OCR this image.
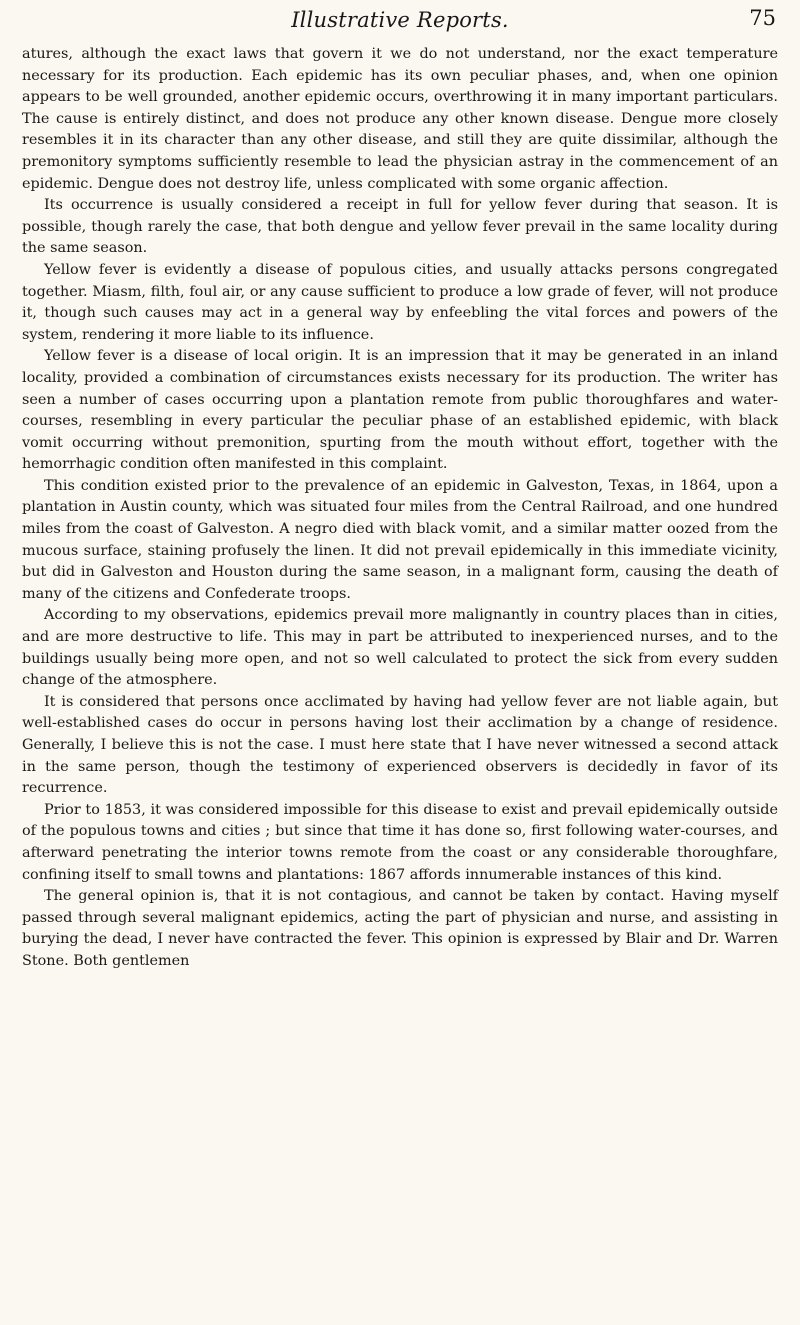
Illustrative Reports.	75

atures, although the exact laws that govern it we do not understand, nor the exact temperature necessary for its production. Each epidemic has its own peculiar phases, and, when one opinion appears to be well grounded, another epidemic occurs, overthrowing it in many important particulars. The cause is entirely distinct, and does not produce any other known disease. Dengue more closely resembles it in its character than any other disease, and still they are quite dissimilar, although the premonitory symptoms sufficiently resemble to lead the physician astray in the commencement of an epidemic. Dengue does not destroy life, unless complicated with some organic affection.

Its occurrence is usually considered a receipt in full for yellow fever during that season. It is possible, though rarely the case, that both dengue and yellow fever prevail in the same locality during the same season.

Yellow fever is evidently a disease of populous cities, and usually attacks persons congregated together. Miasm, filth, foul air, or any cause sufficient to produce a low grade of fever, will not produce it, though such causes may act in a general way by enfeebling the vital forces and powers of the system, rendering it more liable to its influence.

Yellow fever is a disease of local origin. It is an impression that it may be generated in an inland locality, provided a combination of circumstances exists necessary for its production. The writer has seen a number of cases occurring upon a plantation remote from public thoroughfares and water-courses, resembling in every particular the peculiar phase of an established epidemic, with black vomit occurring without premonition, spurting from the mouth without effort, together with the hemorrhagic condition often manifested in this complaint.

This condition existed prior to the prevalence of an epidemic in Galveston, Texas, in 1864, upon a plantation in Austin county, which was situated four miles from the Central Railroad, and one hundred miles from the coast of Galveston. A negro died with black vomit, and a similar matter oozed from the mucous surface, staining profusely the linen. It did not prevail epidemically in this immediate vicinity, but did in Galveston and Houston during the same season, in a malignant form, causing the death of many of the citizens and Confederate troops.

According to my observations, epidemics prevail more malignantly in country places than in cities, and are more destructive to life. This may in part be attributed to inexperienced nurses, and to the buildings usually being more open, and not so well calculated to protect the sick from every sudden change of the atmosphere.

It is considered that persons once acclimated by having had yellow fever are not liable again, but well-established cases do occur in persons having lost their acclimation by a change of residence. Generally, I believe this is not the case. I must here state that I have never witnessed a second attack in the same person, though the testimony of experienced observers is decidedly in favor of its recurrence.

Prior to 1853, it was considered impossible for this disease to exist and prevail epidemically outside of the populous towns and cities ; but since that time it has done so, first following water-courses, and afterward penetrating the interior towns remote from the coast or any considerable thoroughfare, confining itself to small towns and plantations: 1867 affords innumerable instances of this kind.

The general opinion is, that it is not contagious, and cannot be taken by contact. Having myself passed through several malignant epidemics, acting the part of physician and nurse, and assisting in burying the dead, I never have contracted the fever. This opinion is expressed by Blair and Dr. Warren Stone. Both gentlemen
